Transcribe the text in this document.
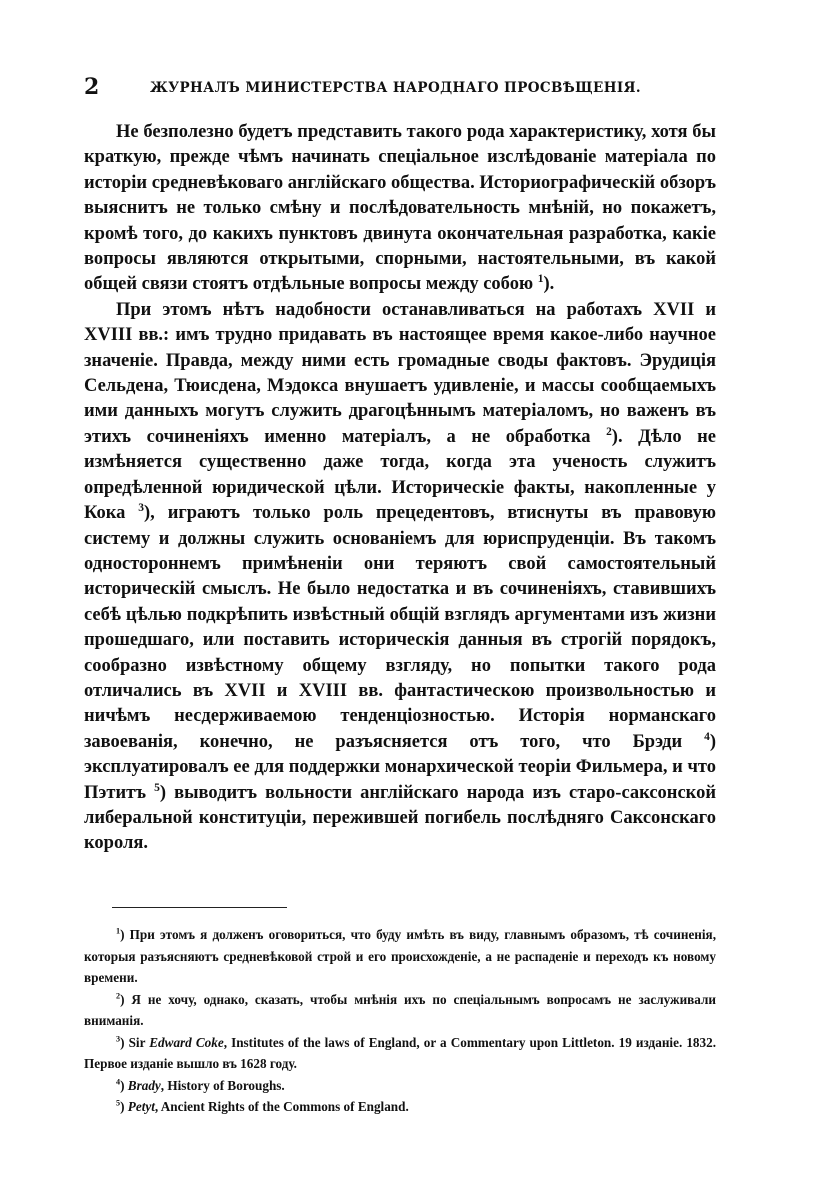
2	ЖУРНАЛЪ МИНИСТЕРСТВА НАРОДНАГО ПРОСВѢЩЕНІЯ.

Не безполезно будетъ представить такого рода характеристику, хотя бы краткую, прежде чѣмъ начинать спеціальное изслѣдованіе матеріала по исторіи средневѣковаго англійскаго общества. Историографическій обзоръ выяснитъ не только смѣну и послѣдовательность мнѣній, но покажетъ, кромѣ того, до какихъ пунктовъ двинута окончательная разработка, какіе вопросы являются открытыми, спорными, настоятельными, въ какой общей связи стоятъ отдѣльные вопросы между собою $^1$).

При этомъ нѣтъ надобности останавливаться на работахъ XVII и XVIII вв.: имъ трудно придавать въ настоящее время какое-либо научное значеніе. Правда, между ними есть громадные своды фактовъ. Эрудиція Сельдена, Тюисдена, Мэдокса внушаетъ удивленіе, и массы сообщаемыхъ ими данныхъ могутъ служить драгоцѣннымъ матеріаломъ, но важенъ въ этихъ сочиненіяхъ именно матеріалъ, а не обработка $^2$). Дѣло не измѣняется существенно даже тогда, когда эта ученость служитъ опредѣленной юридической цѣли. Историческіе факты, накопленные у Кока $^3$), играютъ только роль прецедентовъ, втиснуты въ правовую систему и должны служить основаніемъ для юриспруденціи. Въ такомъ одностороннемъ примѣненіи они теряютъ свой самостоятельный историческій смыслъ. Не было недостатка и въ сочиненіяхъ, ставившихъ себѣ цѣлью подкрѣпить извѣстный общій взглядъ аргументами изъ жизни прошедшаго, или поставить историческія данныя въ строгій порядокъ, сообразно извѣстному общему взгляду, но попытки такого рода отличались въ XVII и XVIII вв. фантастическою произвольностью и ничѣмъ несдерживаемою тенденціозностью. Исторія норманскаго завоеванія, конечно, не разъясняется отъ того, что Брэди $^4$) эксплуатировалъ ее для поддержки монархической теоріи Фильмера, и что Пэтитъ $^5$) выводитъ вольности англійскаго народа изъ старо-саксонской либеральной конституціи, пережившей погибель послѣдняго Саксонскаго короля.

$^1$) При этомъ я долженъ оговориться, что буду имѣть въ виду, главнымъ образомъ, тѣ сочиненія, которыя разъясняютъ средневѣковой строй и его происхожденіе, а не распаденіе и переходъ къ новому времени.

$^2$) Я не хочу, однако, сказать, чтобы мнѣнія ихъ по спеціальнымъ вопросамъ не заслуживали вниманія.

$^3$) Sir Edward Coke, Institutes of the laws of England, or a Commentary upon Littleton. 19 изданіе. 1832. Первое изданіе вышло въ 1628 году.

$^4$) Brady, History of Boroughs.

$^5$) Petyt, Ancient Rights of the Commons of England.
